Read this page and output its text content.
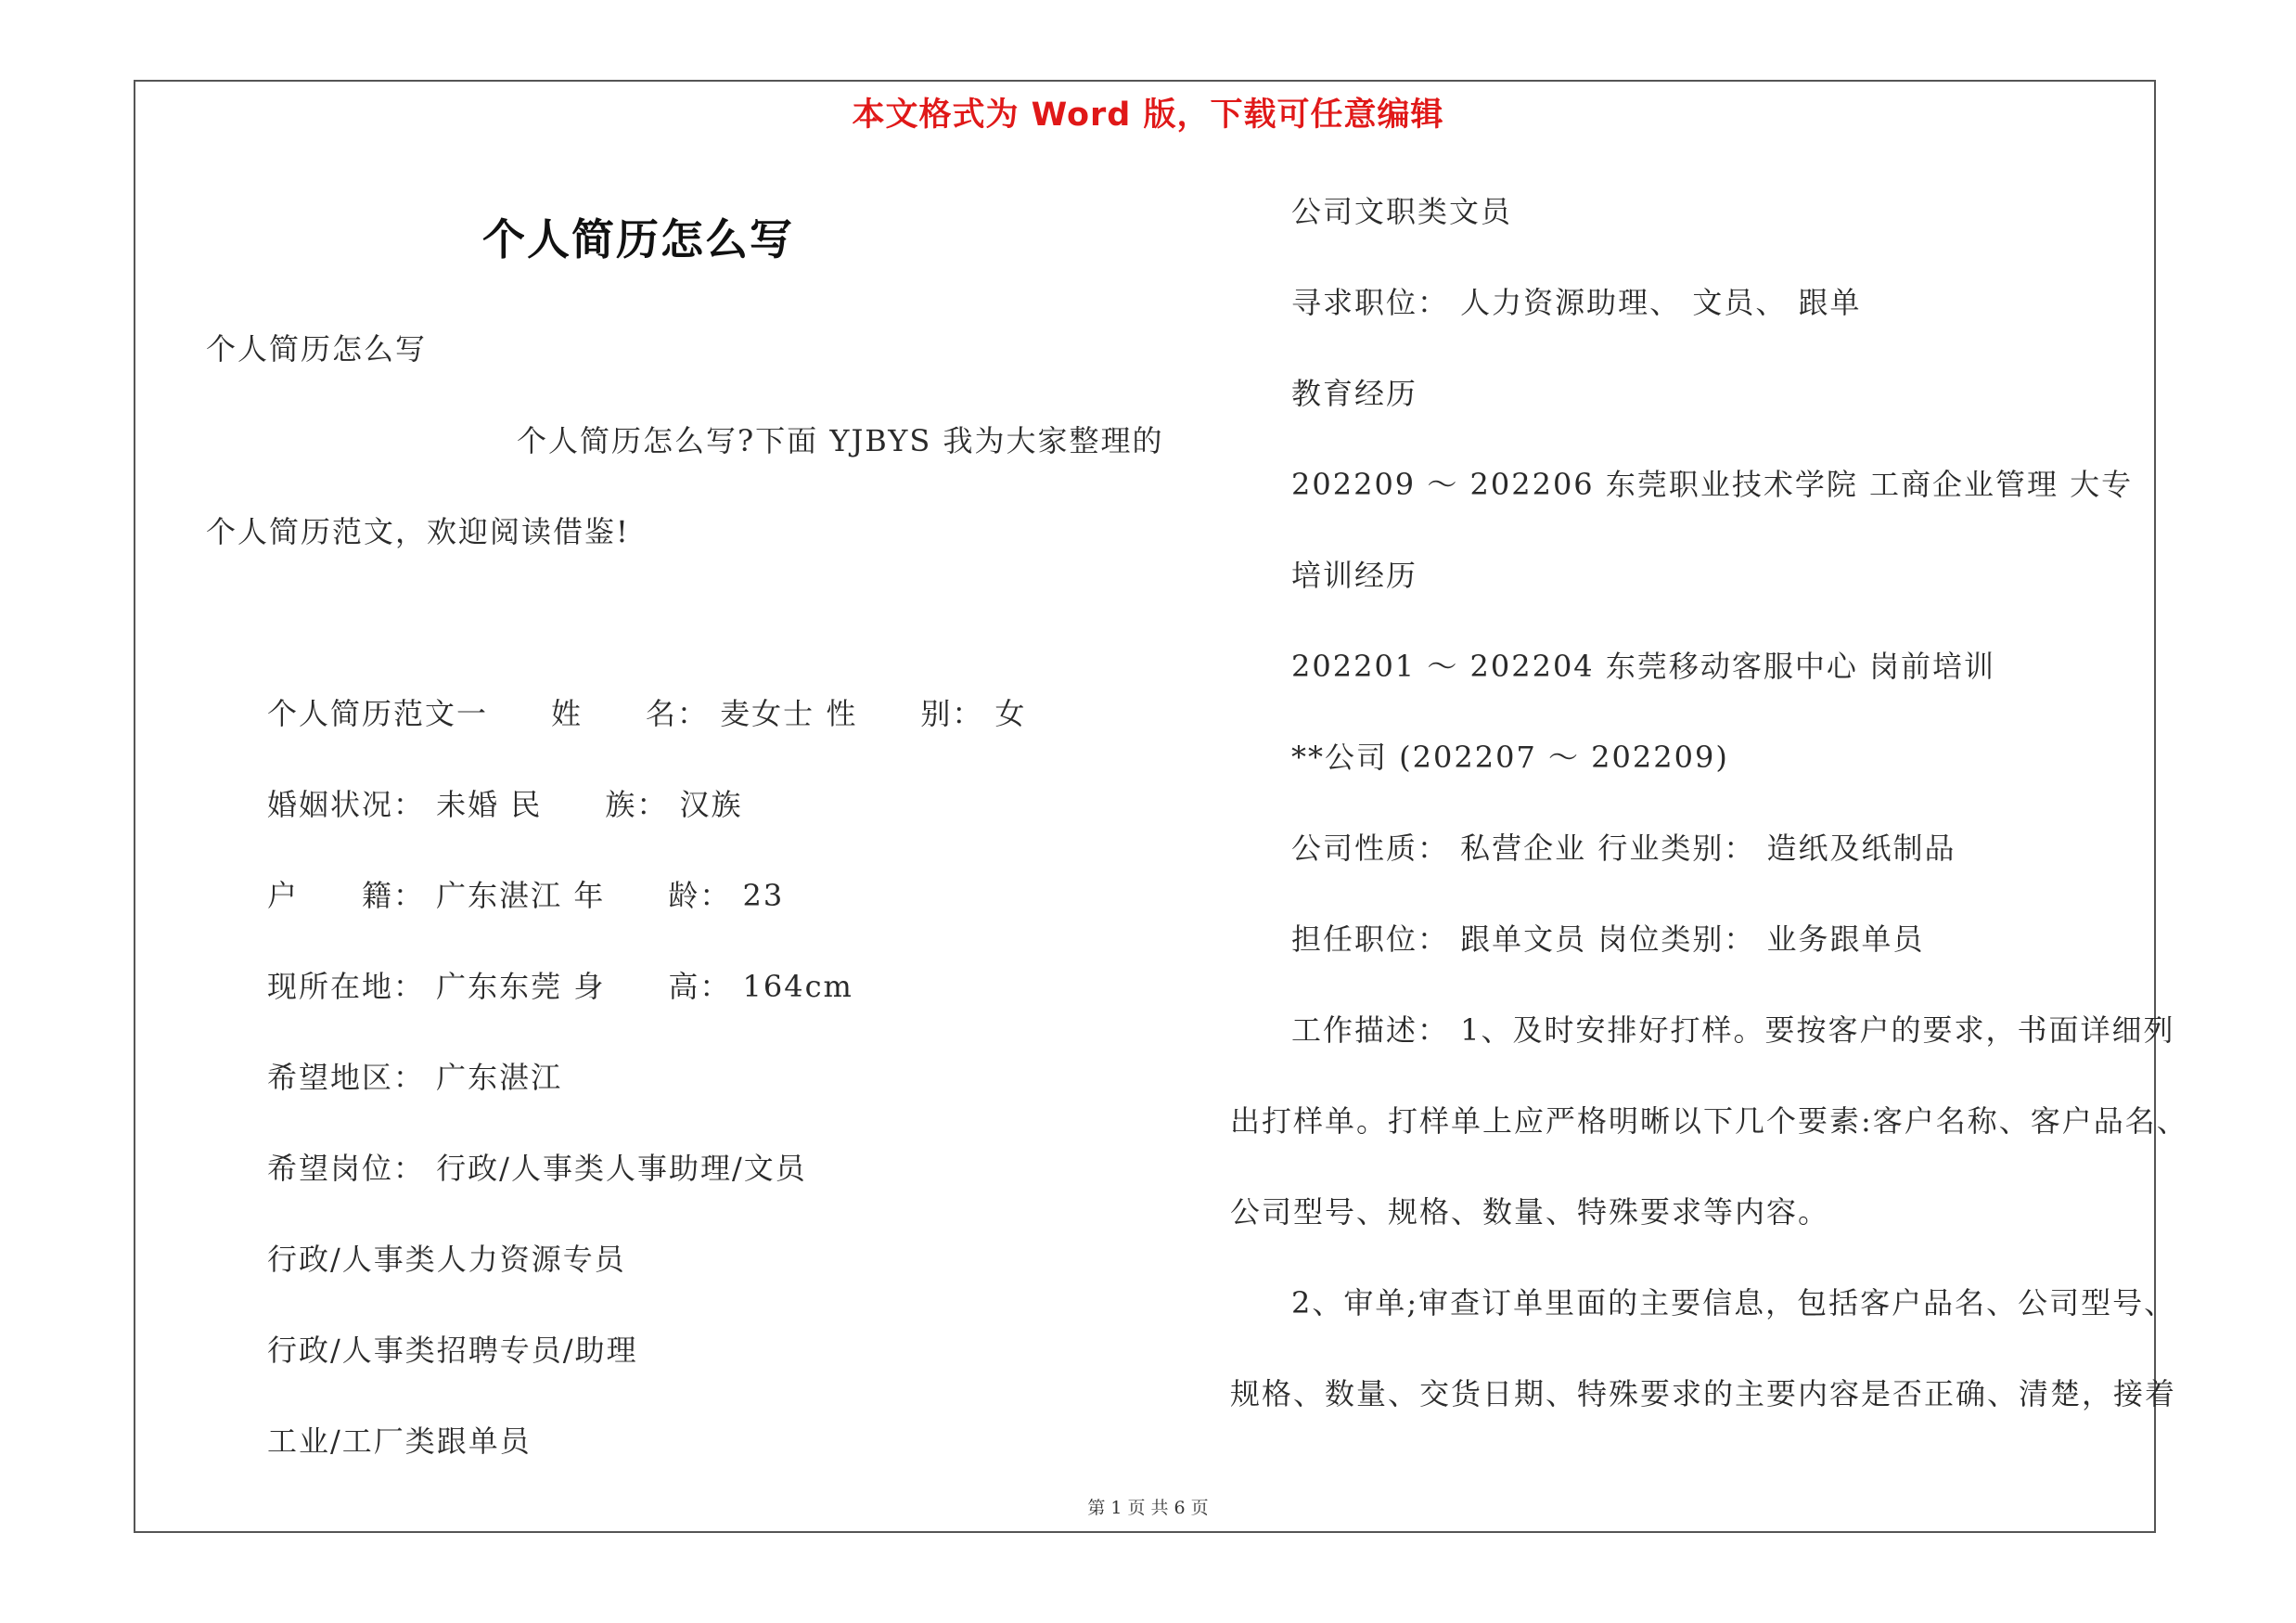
本文格式为 Word 版，下载可任意编辑
个人简历怎么写
个人简历怎么写
个人简历怎么写?下面 YJBYS 我为大家整理的
个人简历范文，欢迎阅读借鉴!
个人简历范文一　　姓　　名： 麦女士 性　　别： 女
婚姻状况： 未婚 民　　族： 汉族
户　　籍： 广东湛江 年　　龄： 23
现所在地： 广东东莞 身　　高： 164cm
希望地区： 广东湛江
希望岗位： 行政/人事类人事助理/文员
行政/人事类人力资源专员
行政/人事类招聘专员/助理
工业/工厂类跟单员
公司文职类文员
寻求职位： 人力资源助理、 文员、 跟单
教育经历
202209 ～ 202206 东莞职业技术学院 工商企业管理 大专
培训经历
202201 ～ 202204 东莞移动客服中心 岗前培训
**公司 (202207 ～ 202209)
公司性质： 私营企业 行业类别： 造纸及纸制品
担任职位： 跟单文员 岗位类别： 业务跟单员
工作描述： 1、及时安排好打样。要按客户的要求，书面详细列
出打样单。打样单上应严格明晰以下几个要素:客户名称、客户品名、
公司型号、规格、数量、特殊要求等内容。
2、审单;审查订单里面的主要信息，包括客户品名、公司型号、
规格、数量、交货日期、特殊要求的主要内容是否正确、清楚，接着
第 1 页 共 6 页
